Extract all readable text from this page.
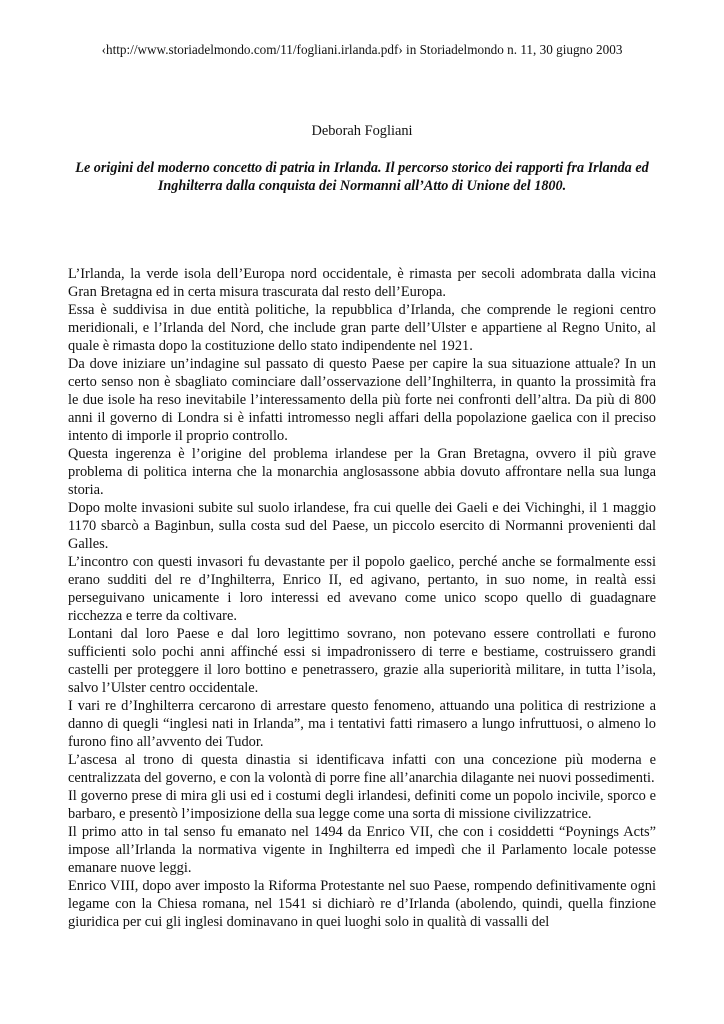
‹http://www.storiadelmondo.com/11/fogliani.irlanda.pdf› in Storiadelmondo n. 11, 30 giugno 2003
Deborah Fogliani
Le origini del moderno concetto di patria in Irlanda. Il percorso storico dei rapporti fra Irlanda ed Inghilterra dalla conquista dei Normanni all’Atto di Unione del 1800.

L’Irlanda, la verde isola dell’Europa nord occidentale, è rimasta per secoli adombrata dalla vicina Gran Bretagna ed in certa misura trascurata dal resto dell’Europa.

Essa è suddivisa in due entità politiche, la repubblica d’Irlanda, che comprende le regioni centro meridionali, e l’Irlanda del Nord, che include gran parte dell’Ulster e appartiene al Regno Unito, al quale è rimasta dopo la costituzione dello stato indipendente nel 1921.

Da dove iniziare un’indagine sul passato di questo Paese per capire la sua situazione attuale? In un certo senso non è sbagliato cominciare dall’osservazione dell’Inghilterra, in quanto la prossimità fra le due isole ha reso inevitabile l’interessamento della più forte nei confronti dell’altra. Da più di 800 anni il governo di Londra si è infatti intromesso negli affari della popolazione gaelica con il preciso intento di imporle il proprio controllo.

Questa ingerenza è l’origine del problema irlandese per la Gran Bretagna, ovvero il più grave problema di politica interna che la monarchia anglosassone abbia dovuto affrontare nella sua lunga storia.

Dopo molte invasioni subite sul suolo irlandese, fra cui quelle dei Gaeli e dei Vichinghi, il 1 maggio 1170 sbarcò a Baginbun, sulla costa sud del Paese, un piccolo esercito di Normanni provenienti dal Galles.

L’incontro con questi invasori fu devastante per il popolo gaelico, perché anche se formalmente essi erano sudditi del re d’Inghilterra, Enrico II, ed agivano, pertanto, in suo nome, in realtà essi perseguivano unicamente i loro interessi ed avevano come unico scopo quello di guadagnare ricchezza e terre da coltivare.

Lontani dal loro Paese e dal loro legittimo sovrano, non potevano essere controllati e furono sufficienti solo pochi anni affinché essi si impadronissero di terre e bestiame, costruissero grandi castelli per proteggere il loro bottino e penetrassero, grazie alla superiorità militare, in tutta l’isola, salvo l’Ulster centro occidentale.

I vari re d’Inghilterra cercarono di arrestare questo fenomeno, attuando una politica di restrizione a danno di quegli “inglesi nati in Irlanda”, ma i tentativi fatti rimasero a lungo infruttuosi, o almeno lo furono fino all’avvento dei Tudor.

L’ascesa al trono di questa dinastia si identificava infatti con una concezione più moderna e centralizzata del governo, e con la volontà di porre fine all’anarchia dilagante nei nuovi possedimenti.

Il governo prese di mira gli usi ed i costumi degli irlandesi, definiti come un popolo incivile, sporco e barbaro, e presentò l’imposizione della sua legge come una sorta di missione civilizzatrice.

Il primo atto in tal senso fu emanato nel 1494 da Enrico VII, che con i cosiddetti “Poynings Acts” impose all’Irlanda la normativa vigente in Inghilterra ed impedì che il Parlamento locale potesse emanare nuove leggi.

Enrico VIII, dopo aver imposto la Riforma Protestante nel suo Paese, rompendo definitivamente ogni legame con la Chiesa romana, nel 1541 si dichiarò re d’Irlanda (abolendo, quindi, quella finzione giuridica per cui gli inglesi dominavano in quei luoghi solo in qualità di vassalli del
